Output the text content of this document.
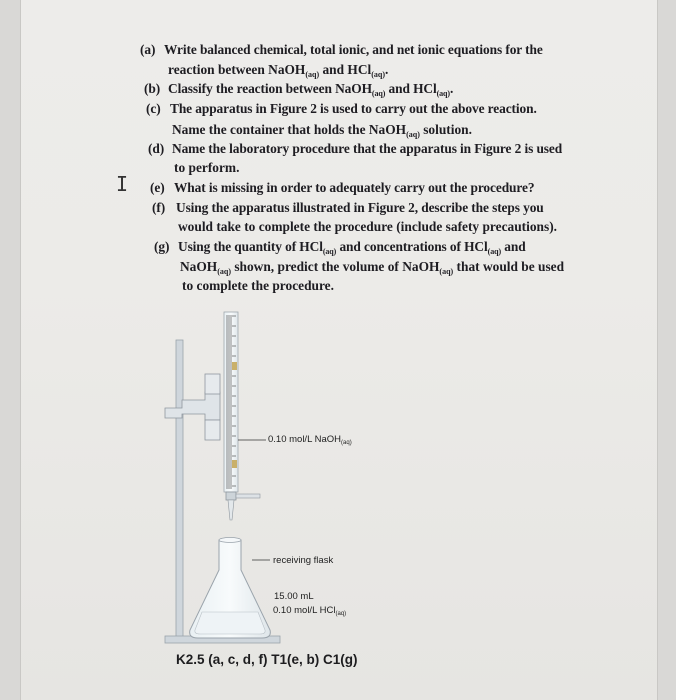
I
(a) Write balanced chemical, total ionic, and net ionic equations for the
reaction between NaOH$_{(aq)}$ and HCl$_{(aq)}$.
(b) Classify the reaction between NaOH$_{(aq)}$ and HCl$_{(aq)}$.
(c) The apparatus in Figure 2 is used to carry out the above reaction.
Name the container that holds the NaOH$_{(aq)}$ solution.
(d) Name the laboratory procedure that the apparatus in Figure 2 is used
to perform.
(e) What is missing in order to adequately carry out the procedure?
(f) Using the apparatus illustrated in Figure 2, describe the steps you
would take to complete the procedure (include safety precautions).
(g) Using the quantity of HCl$_{(aq)}$ and concentrations of HCl$_{(aq)}$ and
NaOH$_{(aq)}$ shown, predict the volume of NaOH$_{(aq)}$ that would be used
to complete the procedure.
0.10 mol/L NaOH$_{(aq)}$
receiving flask
15.00 mL
0.10 mol/L HCl$_{(aq)}$
K2.5 (a, c, d, f) T1(e, b) C1(g)
